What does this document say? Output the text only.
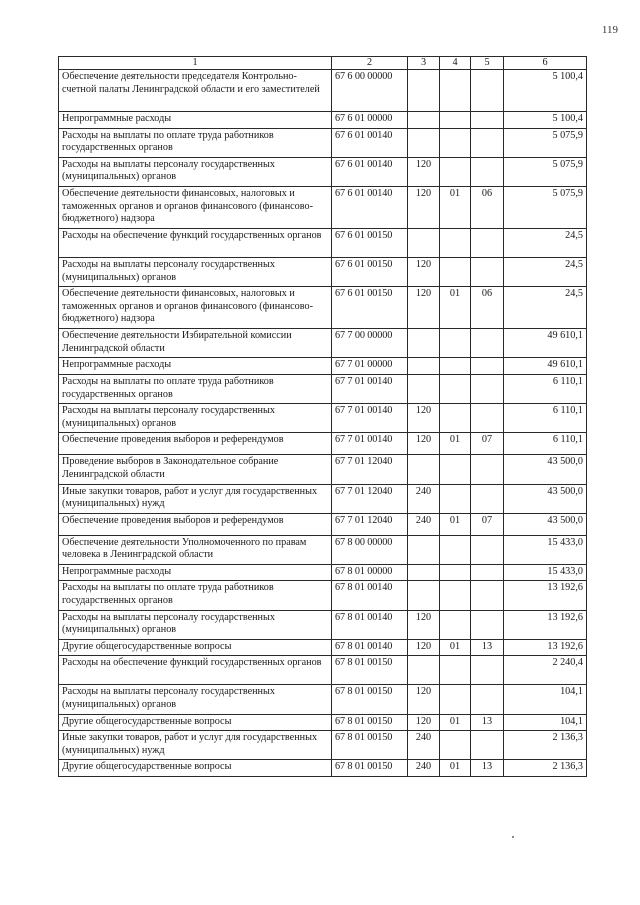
119
1	2	3	4	5	6
Обеспечение деятельности председателя Контрольно-счетной палаты Ленинградской области и его заместителей	67 6 00 00000				5 100,4
Непрограммные расходы	67 6 01 00000				5 100,4
Расходы на выплаты по оплате труда работников государственных органов	67 6 01 00140				5 075,9
Расходы на выплаты персоналу государственных (муниципальных) органов	67 6 01 00140	120			5 075,9
Обеспечение деятельности финансовых, налоговых и таможенных органов и органов финансового (финансово-бюджетного) надзора	67 6 01 00140	120	01	06	5 075,9
Расходы на обеспечение функций государственных органов	67 6 01 00150				24,5
Расходы на выплаты персоналу государственных (муниципальных) органов	67 6 01 00150	120			24,5
Обеспечение деятельности финансовых, налоговых и таможенных органов и органов финансового (финансово-бюджетного) надзора	67 6 01 00150	120	01	06	24,5
Обеспечение деятельности Избирательной комиссии Ленинградской области	67 7 00 00000				49 610,1
Непрограммные расходы	67 7 01 00000				49 610,1
Расходы на выплаты по оплате труда работников государственных органов	67 7 01 00140				6 110,1
Расходы на выплаты персоналу государственных (муниципальных) органов	67 7 01 00140	120			6 110,1
Обеспечение проведения выборов и референдумов	67 7 01 00140	120	01	07	6 110,1
Проведение выборов в Законодательное собрание Ленинградской области	67 7 01 12040				43 500,0
Иные закупки товаров, работ и услуг для государственных (муниципальных) нужд	67 7 01 12040	240			43 500,0
Обеспечение проведения выборов и референдумов	67 7 01 12040	240	01	07	43 500,0
Обеспечение деятельности Уполномоченного по правам человека в Ленинградской области	67 8 00 00000				15 433,0
Непрограммные расходы	67 8 01 00000				15 433,0
Расходы на выплаты по оплате труда работников государственных органов	67 8 01 00140				13 192,6
Расходы на выплаты персоналу государственных (муниципальных) органов	67 8 01 00140	120			13 192,6
Другие общегосударственные вопросы	67 8 01 00140	120	01	13	13 192,6
Расходы на обеспечение функций государственных органов	67 8 01 00150				2 240,4
Расходы на выплаты персоналу государственных (муниципальных) органов	67 8 01 00150	120			104,1
Другие общегосударственные вопросы	67 8 01 00150	120	01	13	104,1
Иные закупки товаров, работ и услуг для государственных (муниципальных) нужд	67 8 01 00150	240			2 136,3
Другие общегосударственные вопросы	67 8 01 00150	240	01	13	2 136,3
